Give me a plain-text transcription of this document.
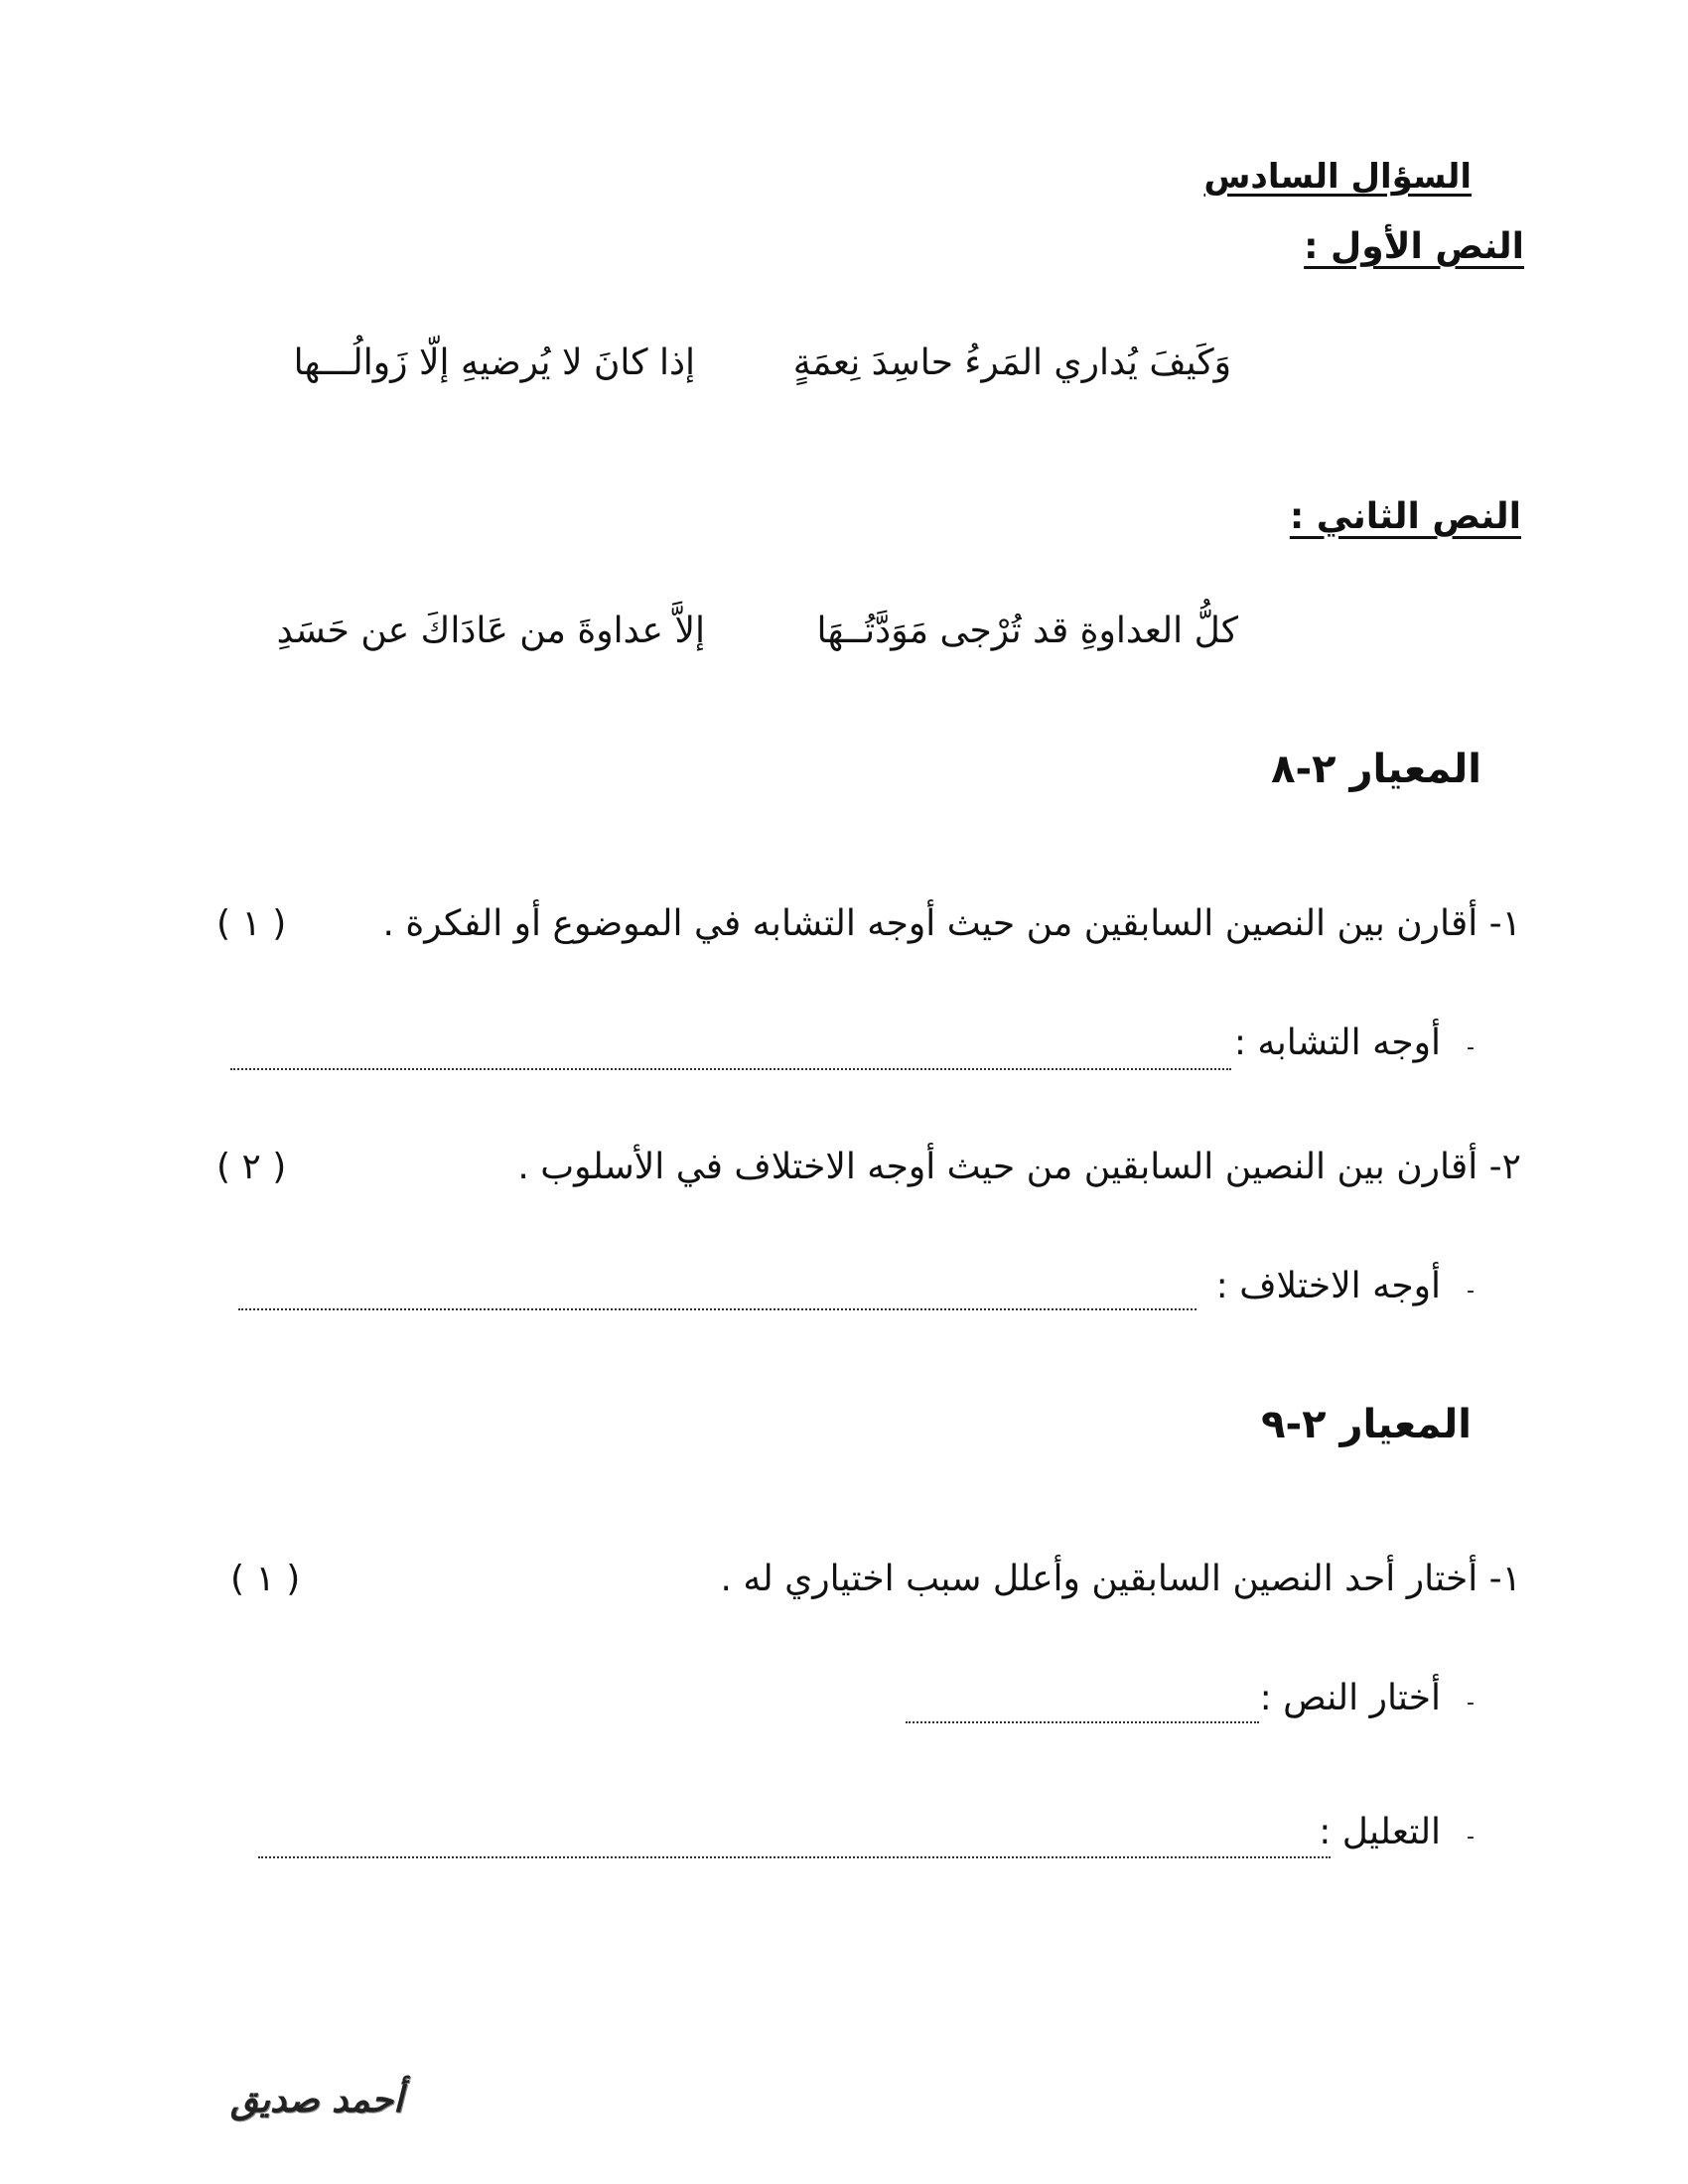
السؤال السادس
النص الأول :
وَكَيفَ يُداري المَرءُ حاسِدَ نِعمَةٍ
إذا كانَ لا يُرضيهِ إلّا زَوالُـــها
النص الثاني :
كلُّ العداوةِ قد تُرْجى مَوَدَّتُــهَا
إلاَّ عداوةَ من عَادَاكَ عن حَسَدِ
المعيار ٢-٨
١- أقارن بين النصين السابقين من حيث أوجه التشابه في الموضوع أو الفكرة .
( ١ )
-أوجه التشابه :
٢- أقارن بين النصين السابقين من حيث أوجه الاختلاف في الأسلوب .
( ٢ )
-أوجه الاختلاف :
المعيار ٢-٩
١- أختار أحد النصين السابقين وأعلل سبب اختياري له .
( ١ )
-أختار النص :
-التعليل :
أحمد صديق
